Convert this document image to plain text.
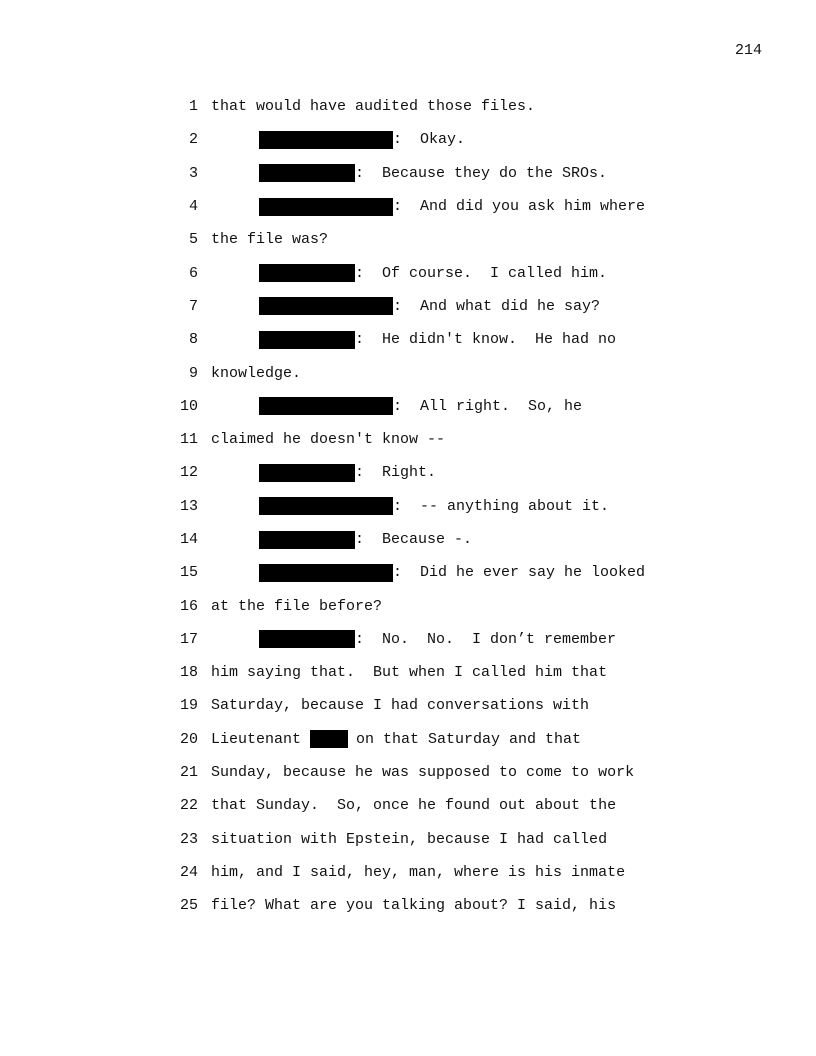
214
1 that would have audited those files.
2	:  Okay.
3	:  Because they do the SROs.
4	:  And did you ask him where
5 the file was?
6	:  Of course.  I called him.
7	:  And what did he say?
8	:  He didn't know.  He had no
9 knowledge.
10	:  All right.  So, he
11 claimed he doesn't know --
12	:  Right.
13	:  -- anything about it.
14	:  Because -.
15	:  Did he ever say he looked
16 at the file before?
17	:  No.  No.  I don’t remember
18 him saying that.  But when I called him that
19 Saturday, because I had conversations with
20 Lieutenant	on that Saturday and that
21 Sunday, because he was supposed to come to work
22 that Sunday.  So, once he found out about the
23 situation with Epstein, because I had called
24 him, and I said, hey, man, where is his inmate
25 file? What are you talking about? I said, his
